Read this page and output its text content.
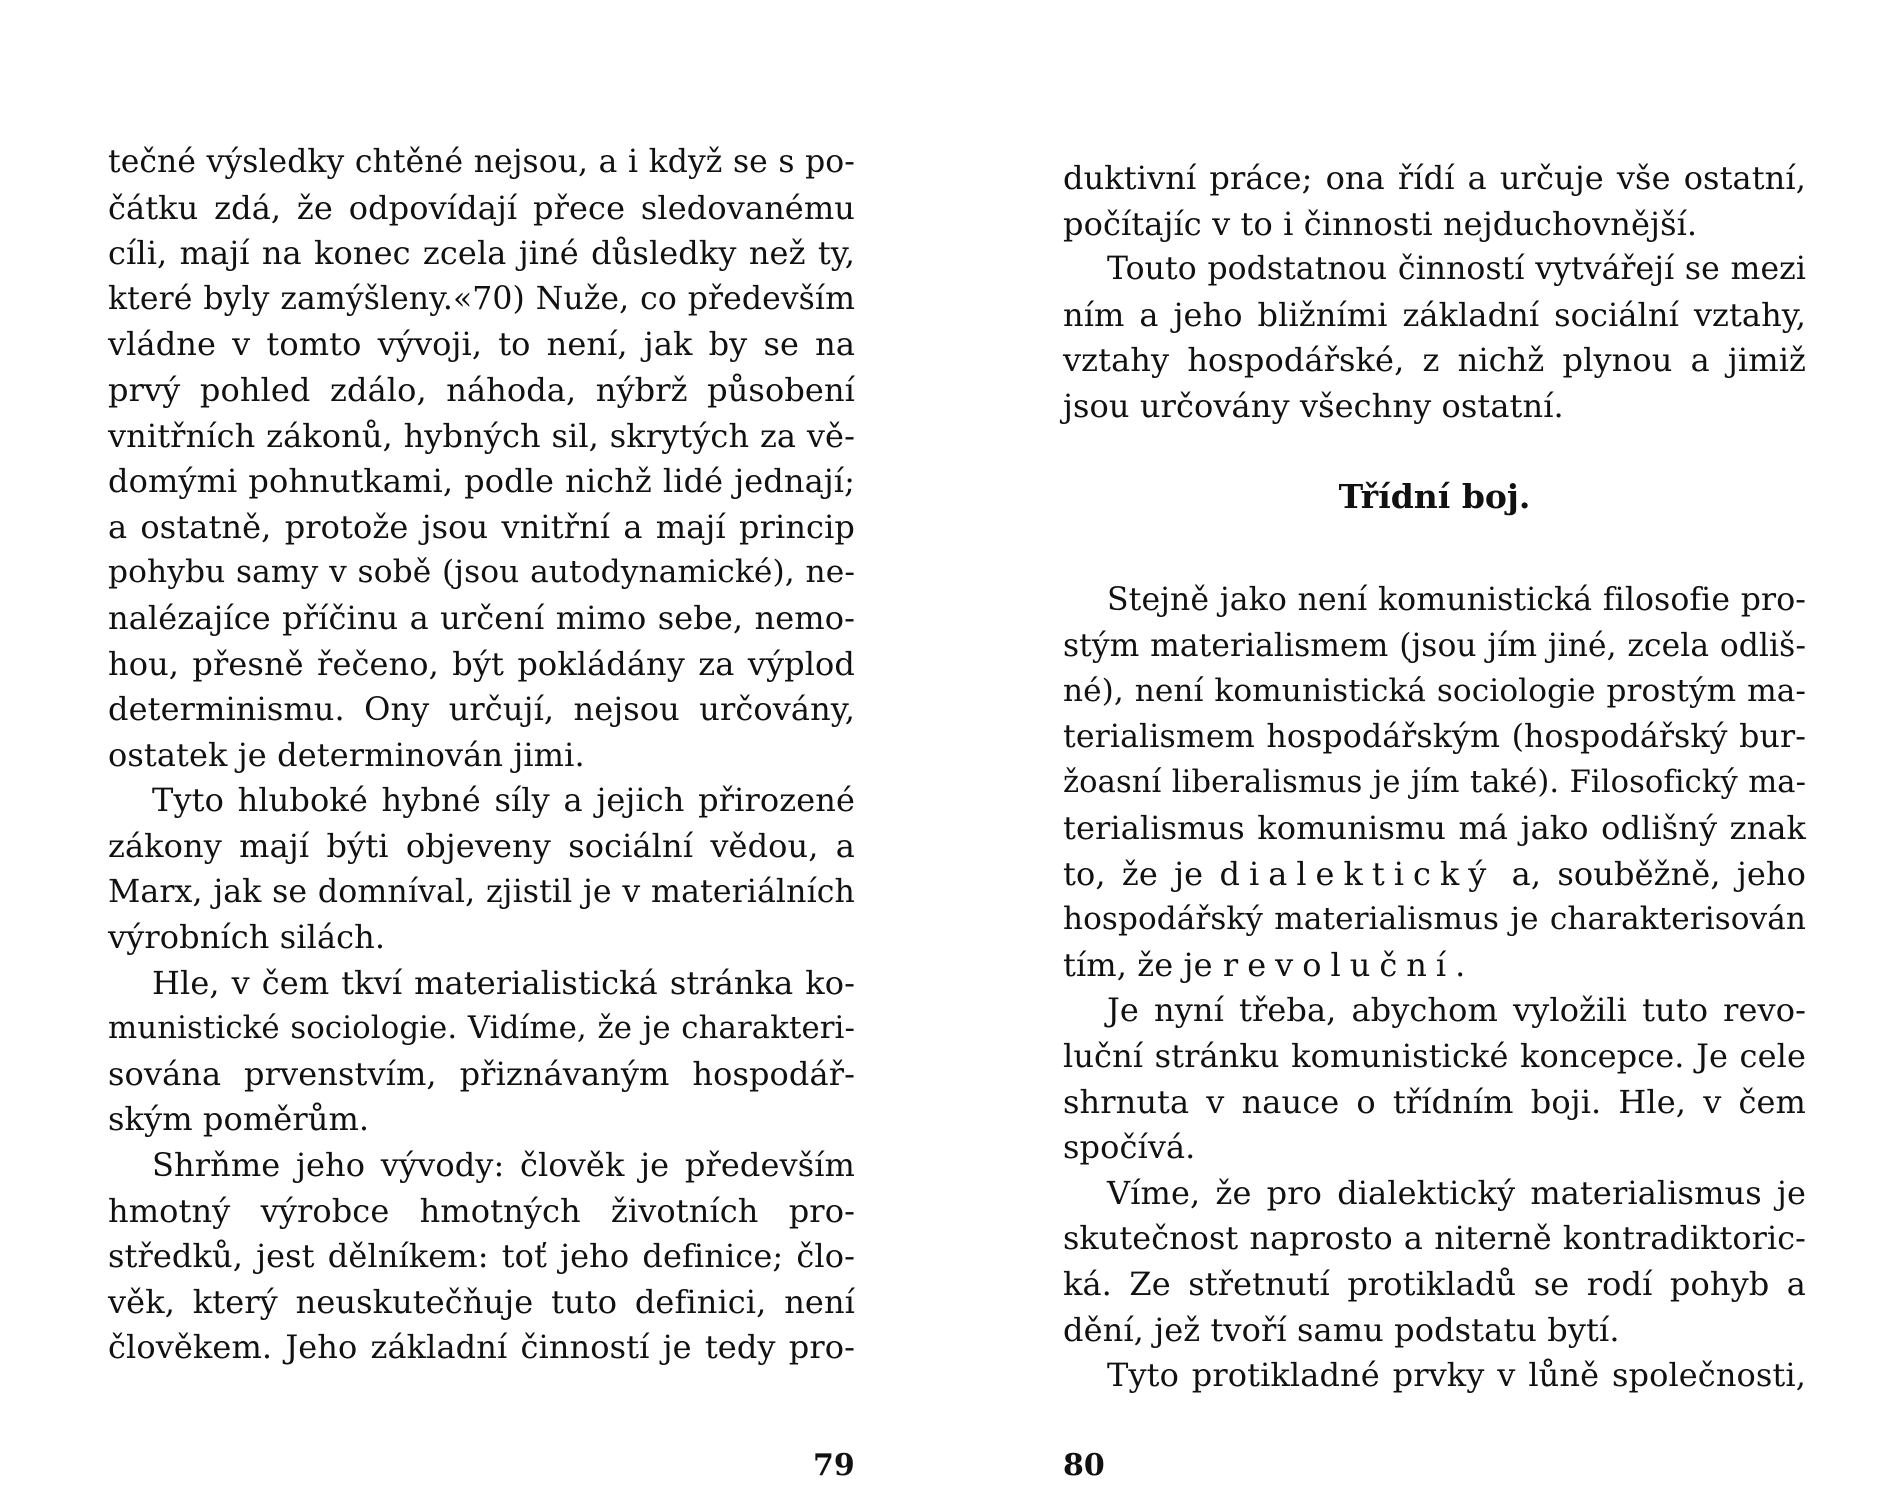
tečné výsledky chtěné nejsou, a i když se s po-
čátku zdá, že odpovídají přece sledovanému
cíli, mají na konec zcela jiné důsledky než ty,
které byly zamýšleny.«70) Nuže, co především
vládne v tomto vývoji, to není, jak by se na
prvý pohled zdálo, náhoda, nýbrž působení
vnitřních zákonů, hybných sil, skrytých za vě-
domými pohnutkami, podle nichž lidé jednají;
a ostatně, protože jsou vnitřní a mají princip
pohybu samy v sobě (jsou autodynamické), ne-
nalézajíce příčinu a určení mimo sebe, nemo-
hou, přesně řečeno, být pokládány za výplod
determinismu. Ony určují, nejsou určovány,
ostatek je determinován jimi.
Tyto hluboké hybné síly a jejich přirozené
zákony mají býti objeveny sociální vědou, a
Marx, jak se domníval, zjistil je v materiálních
výrobních silách.
Hle, v čem tkví materialistická stránka ko-
munistické sociologie. Vidíme, že je charakteri-
sována prvenstvím, přiznávaným hospodář-
ským poměrům.
Shrňme jeho vývody: člověk je především
hmotný výrobce hmotných životních pro-
středků, jest dělníkem: toť jeho definice; člo-
věk, který neuskutečňuje tuto definici, není
člověkem. Jeho základní činností je tedy pro-
79
duktivní práce; ona řídí a určuje vše ostatní,
počítajíc v to i činnosti nejduchovnější.
Touto podstatnou činností vytvářejí se mezi
ním a jeho bližními základní sociální vztahy,
vztahy hospodářské, z nichž plynou a jimiž
jsou určovány všechny ostatní.
Třídní boj.
Stejně jako není komunistická filosofie pro-
stým materialismem (jsou jím jiné, zcela odliš-
né), není komunistická sociologie prostým ma-
terialismem hospodářským (hospodářský bur-
žoasní liberalismus je jím také). Filosofický ma-
terialismus komunismu má jako odlišný znak
to, že je dialektický a, souběžně, jeho
hospodářský materialismus je charakterisován
tím, že je revoluční.
Je nyní třeba, abychom vyložili tuto revo-
luční stránku komunistické koncepce. Je cele
shrnuta v nauce o třídním boji. Hle, v čem
spočívá.
Víme, že pro dialektický materialismus je
skutečnost naprosto a niterně kontradiktoric-
ká. Ze střetnutí protikladů se rodí pohyb a
dění, jež tvoří samu podstatu bytí.
Tyto protikladné prvky v lůně společnosti,
80
